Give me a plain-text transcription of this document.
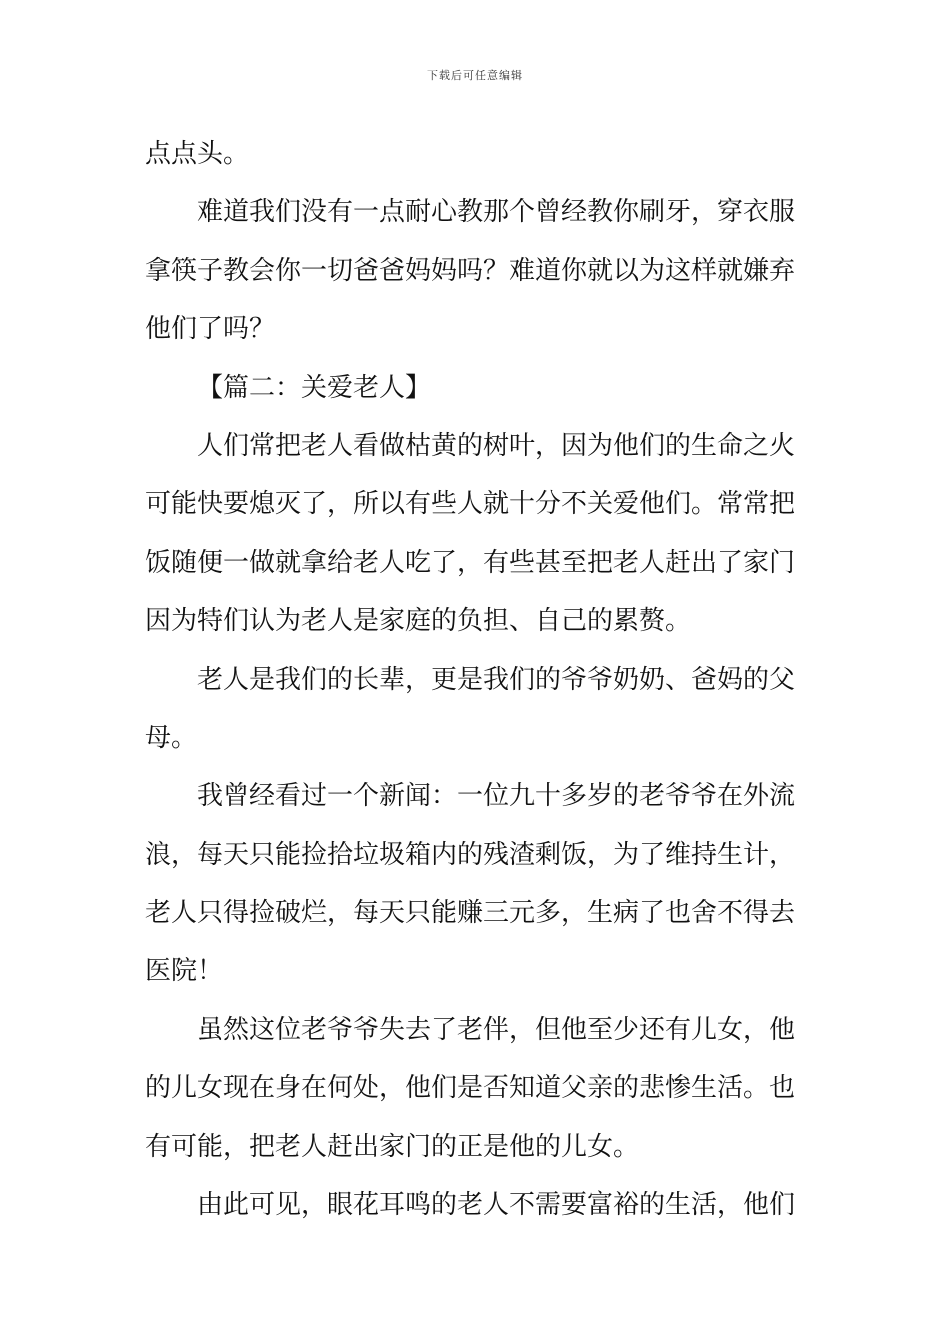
下载后可任意编辑
点点头。
难道我们没有一点耐心教那个曾经教你刷牙，穿衣服
拿筷子教会你一切爸爸妈妈吗？难道你就以为这样就嫌弃
他们了吗？
【篇二：关爱老人】
人们常把老人看做枯黄的树叶，因为他们的生命之火
可能快要熄灭了，所以有些人就十分不关爱他们。常常把
饭随便一做就拿给老人吃了，有些甚至把老人赶出了家门
因为特们认为老人是家庭的负担、自己的累赘。
老人是我们的长辈，更是我们的爷爷奶奶、爸妈的父
母。
我曾经看过一个新闻：一位九十多岁的老爷爷在外流
浪，每天只能捡拾垃圾箱内的残渣剩饭，为了维持生计，
老人只得捡破烂，每天只能赚三元多，生病了也舍不得去
医院！
虽然这位老爷爷失去了老伴，但他至少还有儿女，他
的儿女现在身在何处，他们是否知道父亲的悲惨生活。也
有可能，把老人赶出家门的正是他的儿女。
由此可见，眼花耳鸣的老人不需要富裕的生活，他们
